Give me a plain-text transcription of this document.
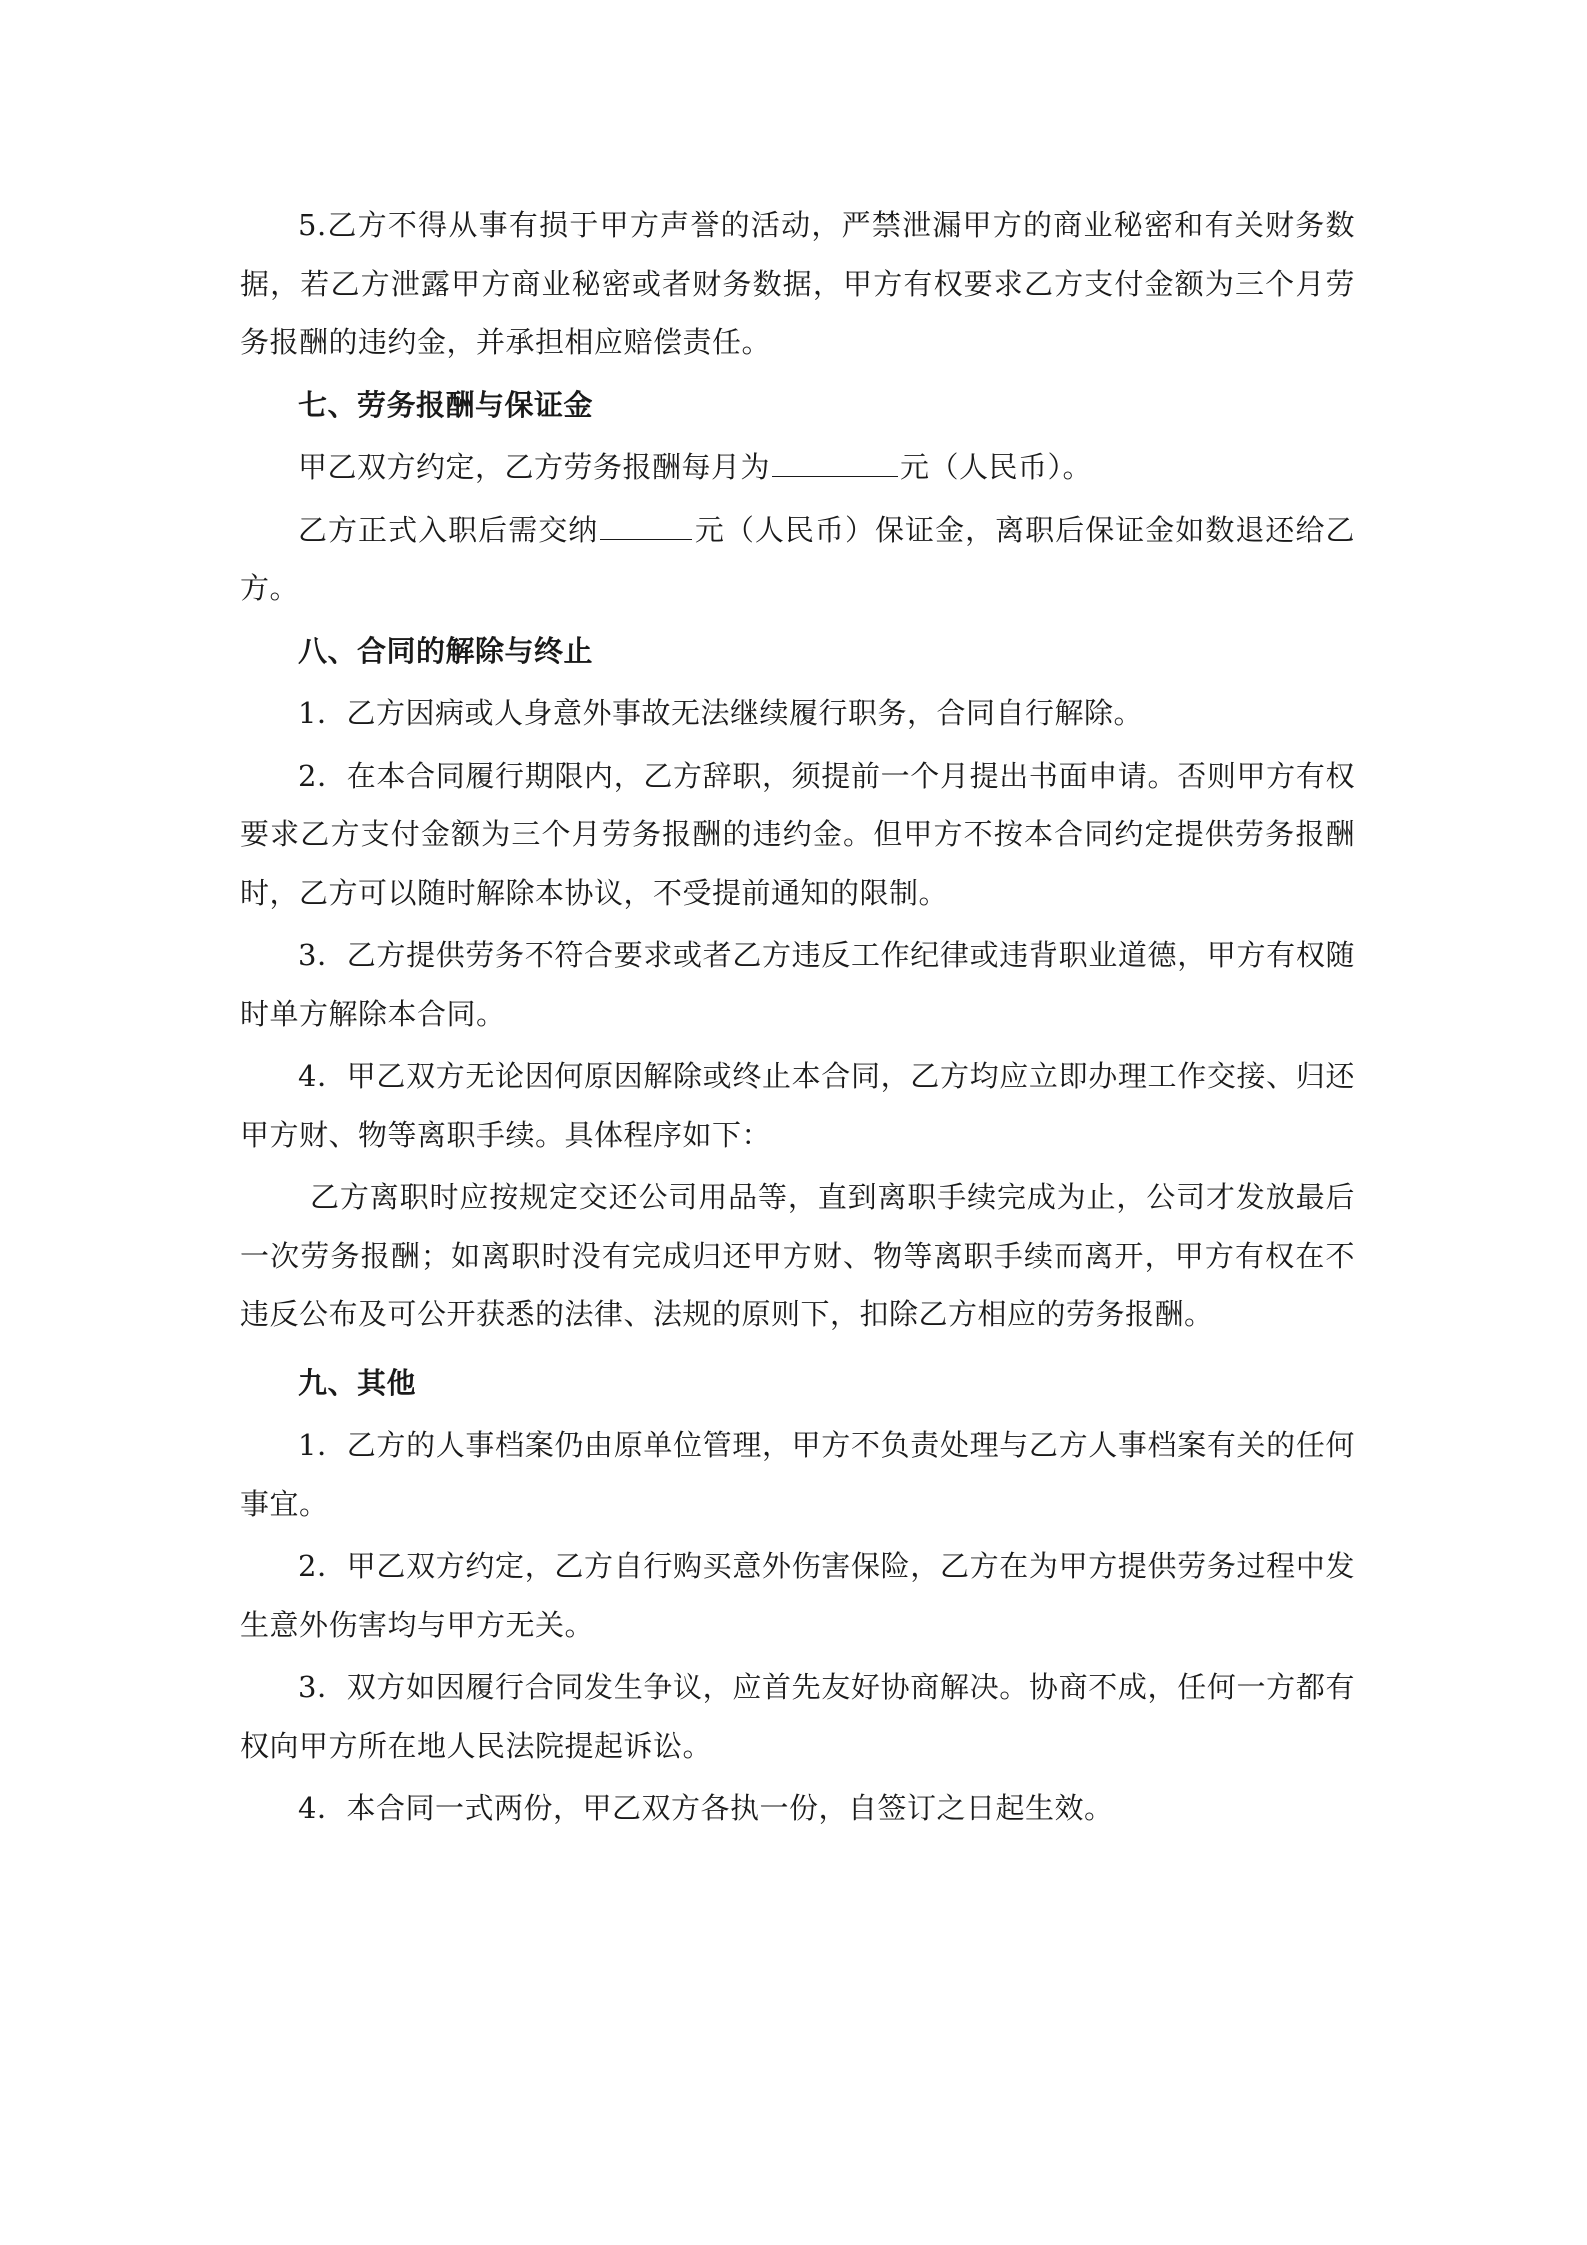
5.乙方不得从事有损于甲方声誉的活动，严禁泄漏甲方的商业秘密和有关财务数据，若乙方泄露甲方商业秘密或者财务数据，甲方有权要求乙方支付金额为三个月劳务报酬的违约金，并承担相应赔偿责任。

七、劳务报酬与保证金

甲乙双方约定，乙方劳务报酬每月为	元（人民币）。

乙方正式入职后需交纳	元（人民币）保证金，离职后保证金如数退还给乙方。

八、合同的解除与终止

1．乙方因病或人身意外事故无法继续履行职务，合同自行解除。

2．在本合同履行期限内，乙方辞职，须提前一个月提出书面申请。否则甲方有权要求乙方支付金额为三个月劳务报酬的违约金。但甲方不按本合同约定提供劳务报酬时，乙方可以随时解除本协议，不受提前通知的限制。

3．乙方提供劳务不符合要求或者乙方违反工作纪律或违背职业道德，甲方有权随时单方解除本合同。

4．甲乙双方无论因何原因解除或终止本合同，乙方均应立即办理工作交接、归还甲方财、物等离职手续。具体程序如下：

乙方离职时应按规定交还公司用品等，直到离职手续完成为止，公司才发放最后一次劳务报酬；如离职时没有完成归还甲方财、物等离职手续而离开，甲方有权在不违反公布及可公开获悉的法律、法规的原则下，扣除乙方相应的劳务报酬。

九、其他

1．乙方的人事档案仍由原单位管理，甲方不负责处理与乙方人事档案有关的任何事宜。

2．甲乙双方约定，乙方自行购买意外伤害保险，乙方在为甲方提供劳务过程中发生意外伤害均与甲方无关。

3．双方如因履行合同发生争议，应首先友好协商解决。协商不成，任何一方都有权向甲方所在地人民法院提起诉讼。

4．本合同一式两份，甲乙双方各执一份，自签订之日起生效。
